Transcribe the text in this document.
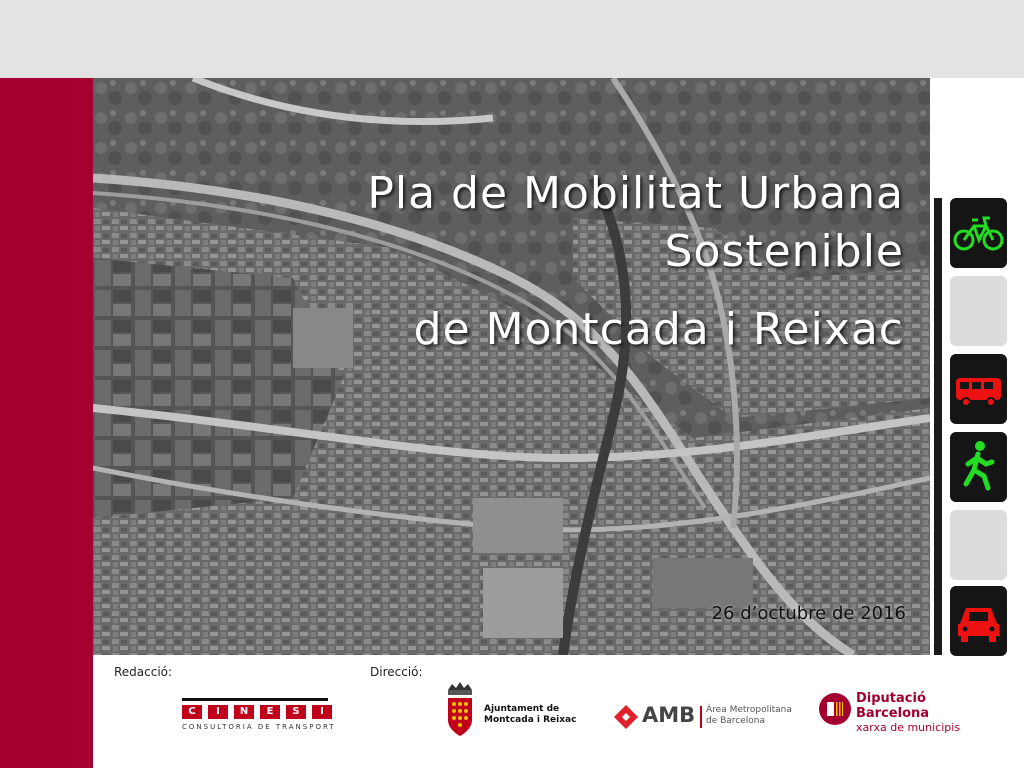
Pla de Mobilitat Urbana
Sostenible
de Montcada i Reixac
26 d’octubre de 2016
Redacció:	Direcció:
C	I	N	E	S	I
CONSULTORIA DE TRANSPORT
Ajuntament de
Montcada i Reixac	AMB Àrea Metropolitana
de Barcelona
Diputació
Barcelona
xarxa de municipis
